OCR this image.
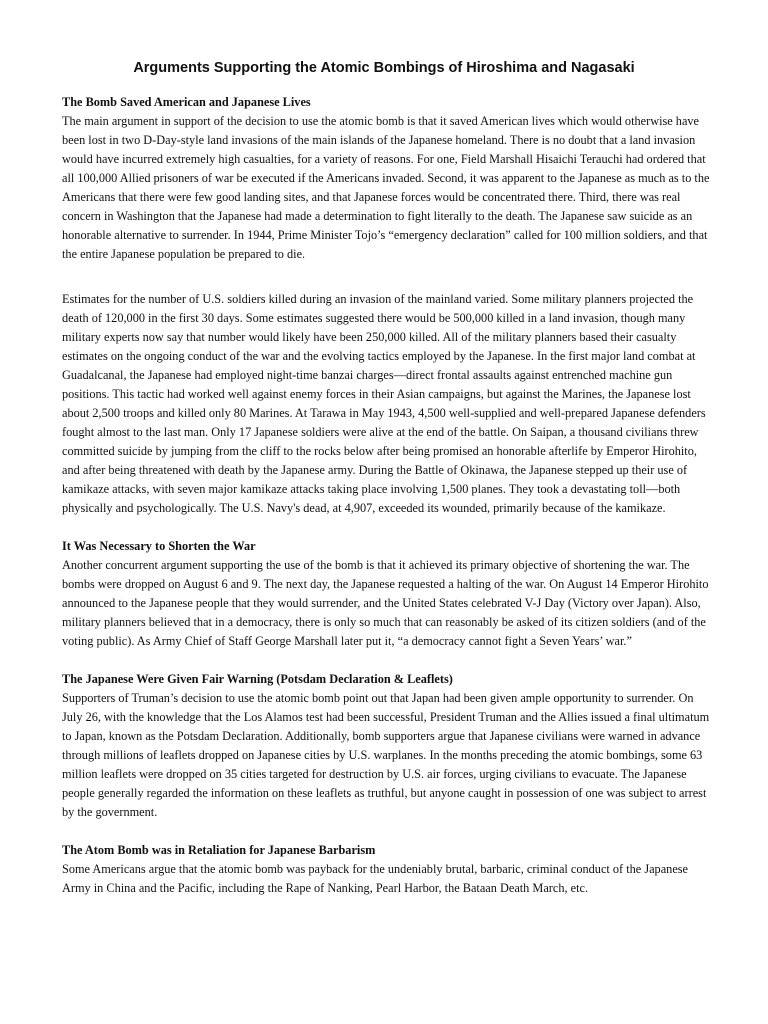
Arguments Supporting the Atomic Bombings of Hiroshima and Nagasaki

The Bomb Saved American and Japanese Lives

The main argument in support of the decision to use the atomic bomb is that it saved American lives which would otherwise have been lost in two D-Day-style land invasions of the main islands of the Japanese homeland. There is no doubt that a land invasion would have incurred extremely high casualties, for a variety of reasons. For one, Field Marshall Hisaichi Terauchi had ordered that all 100,000 Allied prisoners of war be executed if the Americans invaded. Second, it was apparent to the Japanese as much as to the Americans that there were few good landing sites, and that Japanese forces would be concentrated there. Third, there was real concern in Washington that the Japanese had made a determination to fight literally to the death. The Japanese saw suicide as an honorable alternative to surrender. In 1944, Prime Minister Tojo’s “emergency declaration” called for 100 million soldiers, and that the entire Japanese population be prepared to die.

Estimates for the number of U.S. soldiers killed during an invasion of the mainland varied. Some military planners projected the death of 120,000 in the first 30 days. Some estimates suggested there would be 500,000 killed in a land invasion, though many military experts now say that number would likely have been 250,000 killed. All of the military planners based their casualty estimates on the ongoing conduct of the war and the evolving tactics employed by the Japanese. In the first major land combat at Guadalcanal, the Japanese had employed night-time banzai charges—direct frontal assaults against entrenched machine gun positions. This tactic had worked well against enemy forces in their Asian campaigns, but against the Marines, the Japanese lost about 2,500 troops and killed only 80 Marines. At Tarawa in May 1943, 4,500 well-supplied and well-prepared Japanese defenders fought almost to the last man. Only 17 Japanese soldiers were alive at the end of the battle. On Saipan, a thousand civilians threw committed suicide by jumping from the cliff to the rocks below after being promised an honorable afterlife by Emperor Hirohito, and after being threatened with death by the Japanese army. During the Battle of Okinawa, the Japanese stepped up their use of kamikaze attacks, with seven major kamikaze attacks taking place involving 1,500 planes. They took a devastating toll—both physically and psychologically. The U.S. Navy's dead, at 4,907, exceeded its wounded, primarily because of the kamikaze.

It Was Necessary to Shorten the War

Another concurrent argument supporting the use of the bomb is that it achieved its primary objective of shortening the war. The bombs were dropped on August 6 and 9. The next day, the Japanese requested a halting of the war. On August 14 Emperor Hirohito announced to the Japanese people that they would surrender, and the United States celebrated V-J Day (Victory over Japan). Also, military planners believed that in a democracy, there is only so much that can reasonably be asked of its citizen soldiers (and of the voting public). As Army Chief of Staff George Marshall later put it, “a democracy cannot fight a Seven Years’ war.”

The Japanese Were Given Fair Warning (Potsdam Declaration & Leaflets)

Supporters of Truman’s decision to use the atomic bomb point out that Japan had been given ample opportunity to surrender. On July 26, with the knowledge that the Los Alamos test had been successful, President Truman and the Allies issued a final ultimatum to Japan, known as the Potsdam Declaration. Additionally, bomb supporters argue that Japanese civilians were warned in advance through millions of leaflets dropped on Japanese cities by U.S. warplanes. In the months preceding the atomic bombings, some 63 million leaflets were dropped on 35 cities targeted for destruction by U.S. air forces, urging civilians to evacuate. The Japanese people generally regarded the information on these leaflets as truthful, but anyone caught in possession of one was subject to arrest by the government.

The Atom Bomb was in Retaliation for Japanese Barbarism

Some Americans argue that the atomic bomb was payback for the undeniably brutal, barbaric, criminal conduct of the Japanese Army in China and the Pacific, including the Rape of Nanking, Pearl Harbor, the Bataan Death March, etc.
